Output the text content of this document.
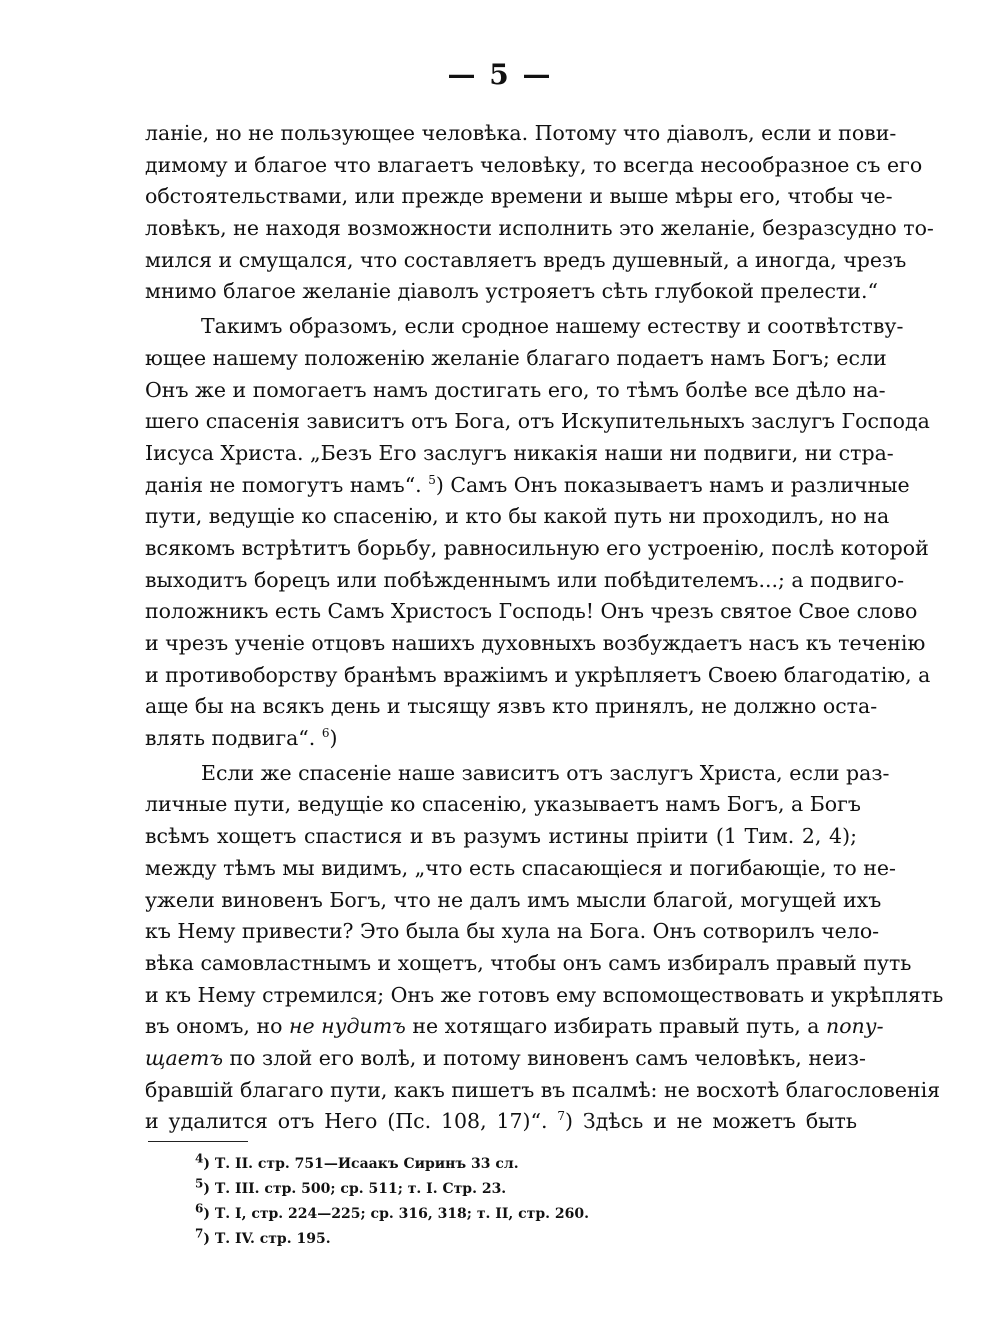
— 5 —
ланіе, но не пользующее человѣка. Потому что діаволъ, если и пови-
димому и благое что влагаетъ человѣку, то всегда несообразное съ его
обстоятельствами, или прежде времени и выше мѣры его, чтобы че-
ловѣкъ, не находя возможности исполнить это желаніе, безразсудно то-
мился и смущался, что составляетъ вредъ душевный, а иногда, чрезъ
мнимо благое желаніе діаволъ устрояетъ сѣть глубокой прелести.“
Такимъ образомъ, если сродное нашему естеству и соотвѣтству-
ющее нашему положенію желаніе благаго подаетъ намъ Богъ; если
Онъ же и помогаетъ намъ достигать его, то тѣмъ болѣе все дѣло на-
шего спасенія зависитъ отъ Бога, отъ Искупительныхъ заслугъ Господа
Іисуса Христа. „Безъ Его заслугъ никакія наши ни подвиги, ни стра-
данія не помогутъ намъ“. $^5$) Самъ Онъ показываетъ намъ и различные
пути, ведущіе ко спасенію, и кто бы какой путь ни проходилъ, но на
всякомъ встрѣтитъ борьбу, равносильную его устроенію, послѣ которой
выходитъ борецъ или побѣжденнымъ или побѣдителемъ...; а подвиго-
положникъ есть Самъ Христосъ Господь! Онъ чрезъ святое Свое слово
и чрезъ ученіе отцовъ нашихъ духовныхъ возбуждаетъ насъ къ теченію
и противоборству бранѣмъ вражіимъ и укрѣпляетъ Своею благодатію, а
аще бы на всякъ день и тысящу язвъ кто принялъ, не должно оста-
влять подвига“. $^6$)
Если же спасеніе наше зависитъ отъ заслугъ Христа, если раз-
личные пути, ведущіе ко спасенію, указываетъ намъ Богъ, а Богъ
всѣмъ хощетъ спастися и въ разумъ истины пріити (1 Тим. 2, 4);
между тѣмъ мы видимъ, „что есть спасающіеся и погибающіе, то не-
ужели виновенъ Богъ, что не далъ имъ мысли благой, могущей ихъ
къ Нему привести? Это была бы хула на Бога. Онъ сотворилъ чело-
вѣка самовластнымъ и хощетъ, чтобы онъ самъ избиралъ правый путь
и къ Нему стремился; Онъ же готовъ ему вспомоществовать и укрѣплять
въ ономъ, но не нудитъ не хотящаго избирать правый путь, а попу-
щаетъ по злой его волѣ, и потому виновенъ самъ человѣкъ, неиз-
бравшій благаго пути, какъ пишетъ въ псалмѣ: не восхотѣ благословенія
и удалится отъ Него (Пс. 108, 17)“. $^7$) Здѣсь и не можетъ быть
$^4$) Т. II. стр. 751—Исаакъ Сиринъ 33 сл.
$^5$) Т. III. стр. 500; ср. 511; т. I. Стр. 23.
$^6$) Т. I, стр. 224—225; ср. 316, 318; т. II, стр. 260.
$^7$) Т. IV. стр. 195.
